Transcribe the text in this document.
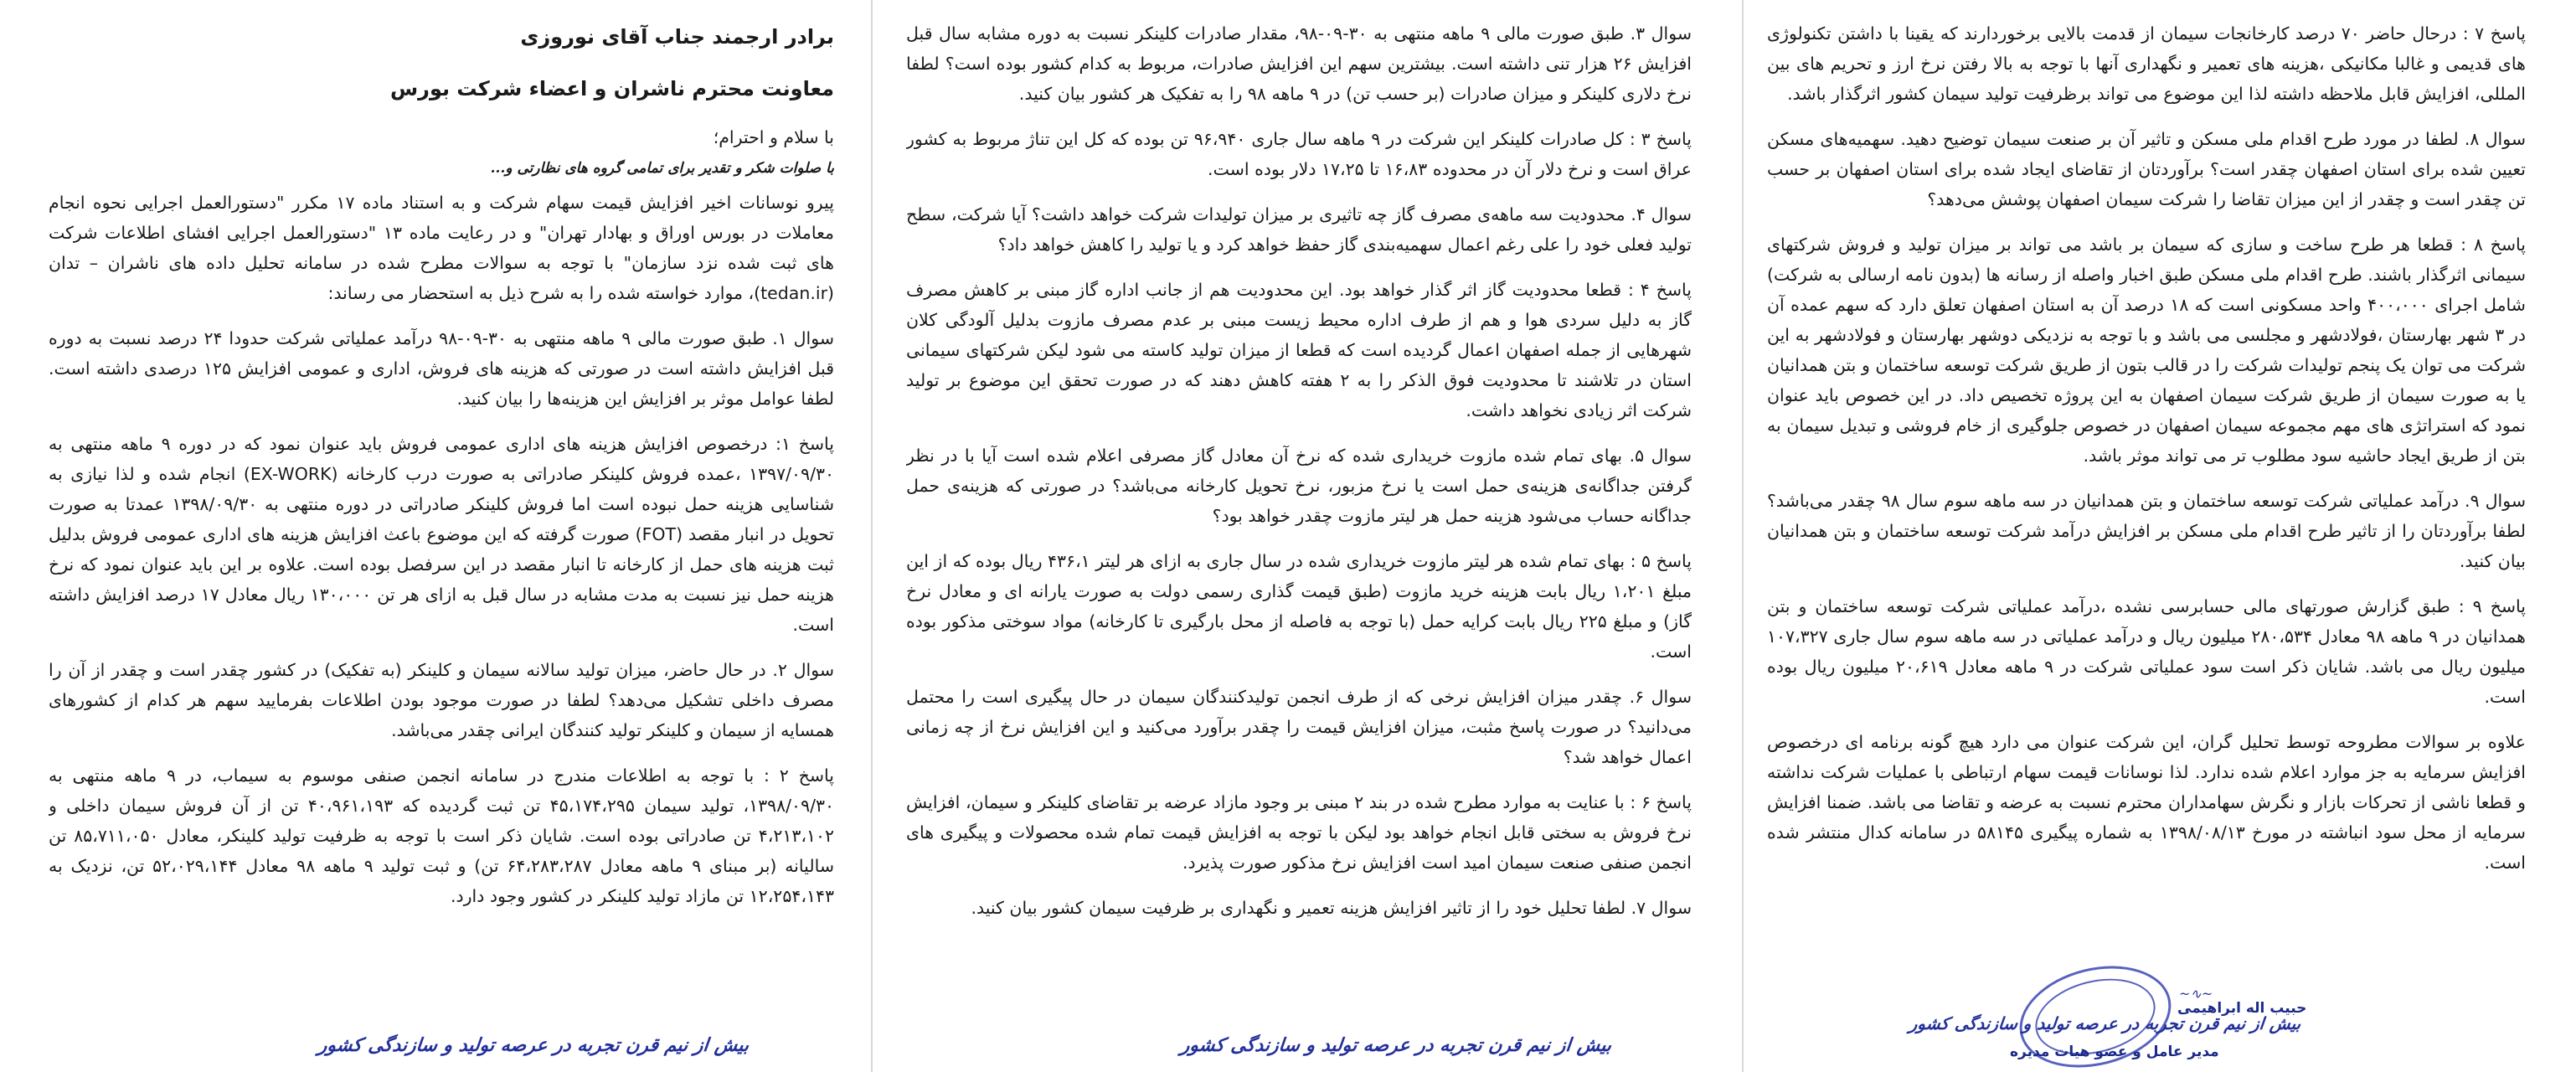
برادر ارجمند جناب آقای نوروزی

معاونت محترم ناشران و اعضاء شرکت بورس

با سلام و احترام؛

با صلوات شکر و تقدیر برای تمامی گروه های نظارتی و...

پیرو نوسانات اخیر افزایش قیمت سهام شرکت و به استناد ماده ۱۷ مکرر "دستورالعمل اجرایی نحوه انجام معاملات در بورس اوراق و بهادار تهران" و در رعایت ماده ۱۳ "دستورالعمل اجرایی افشای اطلاعات شرکت های ثبت شده نزد سازمان" با توجه به سوالات مطرح شده در سامانه تحلیل داده های ناشران – تدان (tedan.ir)، موارد خواسته شده را به شرح ذیل به استحضار می رساند:

سوال ۱. طبق صورت مالی ۹ ماهه منتهی به ۳۰-۰۹-۹۸ درآمد عملیاتی شرکت حدودا ۲۴ درصد نسبت به دوره قبل افزایش داشته است در صورتی که هزینه های فروش، اداری و عمومی افزایش ۱۲۵ درصدی داشته است. لطفا عوامل موثر بر افزایش این هزینه‌ها را بیان کنید.

پاسخ ۱: درخصوص افزایش هزینه های اداری عمومی فروش باید عنوان نمود که در دوره ۹ ماهه منتهی به ۱۳۹۷/۰۹/۳۰ ،عمده فروش کلینکر صادراتی به صورت درب کارخانه (EX-WORK) انجام شده و لذا نیازی به شناسایی هزینه حمل نبوده است اما فروش کلینکر صادراتی در دوره منتهی به ۱۳۹۸/۰۹/۳۰ عمدتا به صورت تحویل در انبار مقصد (FOT) صورت گرفته که این موضوع باعث افزایش هزینه های اداری عمومی فروش بدلیل ثبت هزینه های حمل از کارخانه تا انبار مقصد در این سرفصل بوده است. علاوه بر این باید عنوان نمود که نرخ هزینه حمل نیز نسبت به مدت مشابه در سال قبل به ازای هر تن ۱۳۰،۰۰۰ ریال معادل ۱۷ درصد افزایش داشته است.

سوال ۲. در حال حاضر، میزان تولید سالانه سیمان و کلینکر (به تفکیک) در کشور چقدر است و چقدر از آن را مصرف داخلی تشکیل می‌دهد؟ لطفا در صورت موجود بودن اطلاعات بفرمایید سهم هر کدام از کشورهای همسایه از سیمان و کلینکر تولید کنندگان ایرانی چقدر می‌باشد.

پاسخ ۲ : با توجه به اطلاعات مندرج در سامانه انجمن صنفی موسوم به سیماب، در ۹ ماهه منتهی به ۱۳۹۸/۰۹/۳۰، تولید سیمان ۴۵،۱۷۴،۲۹۵ تن ثبت گردیده که ۴۰،۹۶۱،۱۹۳ تن از آن فروش سیمان داخلی و ۴،۲۱۳،۱۰۲ تن صادراتی بوده است. شایان ذکر است با توجه به ظرفیت تولید کلینکر، معادل ۸۵،۷۱۱،۰۵۰ تن سالیانه (بر مبنای ۹ ماهه معادل ۶۴،۲۸۳،۲۸۷ تن) و ثبت تولید ۹ ماهه ۹۸ معادل ۵۲،۰۲۹،۱۴۴ تن، نزدیک به ۱۲،۲۵۴،۱۴۳ تن مازاد تولید کلینکر در کشور وجود دارد.

بیش از نیم قرن تجربه در عرصه تولید و سازندگی کشور

سوال ۳. طبق صورت مالی ۹ ماهه منتهی به ۳۰-۰۹-۹۸، مقدار صادرات کلینکر نسبت به دوره مشابه سال قبل افزایش ۲۶ هزار تنی داشته است. بیشترین سهم این افزایش صادرات، مربوط به کدام کشور بوده است؟ لطفا نرخ دلاری کلینکر و میزان صادرات (بر حسب تن) در ۹ ماهه ۹۸ را به تفکیک هر کشور بیان کنید.

پاسخ ۳ : کل صادرات کلینکر این شرکت در ۹ ماهه سال جاری ۹۶،۹۴۰ تن بوده که کل این تناژ مربوط به کشور عراق است و نرخ دلار آن در محدوده ۱۶،۸۳ تا ۱۷،۲۵ دلار بوده است.

سوال ۴. محدودیت سه ماهه‌ی مصرف گاز چه تاثیری بر میزان تولیدات شرکت خواهد داشت؟ آیا شرکت، سطح تولید فعلی خود را علی رغم اعمال سهمیه‌بندی گاز حفظ خواهد کرد و یا تولید را کاهش خواهد داد؟

پاسخ ۴ : قطعا محدودیت گاز اثر گذار خواهد بود. این محدودیت هم از جانب اداره گاز مبنی بر کاهش مصرف گاز به دلیل سردی هوا و هم از طرف اداره محیط زیست مبنی بر عدم مصرف مازوت بدلیل آلودگی کلان شهرهایی از جمله اصفهان اعمال گردیده است که قطعا از میزان تولید کاسته می شود لیکن شرکتهای سیمانی استان در تلاشند تا محدودیت فوق الذکر را به ۲ هفته کاهش دهند که در صورت تحقق این موضوع بر تولید شرکت اثر زیادی نخواهد داشت.

سوال ۵. بهای تمام شده مازوت خریداری شده که نرخ آن معادل گاز مصرفی اعلام شده است آیا با در نظر گرفتن جداگانه‌ی هزینه‌ی حمل است یا نرخ مزبور، نرخ تحویل کارخانه می‌باشد؟ در صورتی که هزینه‌ی حمل جداگانه حساب می‌شود هزینه حمل هر لیتر مازوت چقدر خواهد بود؟

پاسخ ۵ : بهای تمام شده هر لیتر مازوت خریداری شده در سال جاری به ازای هر لیتر ۴۳۶،۱ ریال بوده که از این مبلغ ۱،۲۰۱ ریال بابت هزینه خرید مازوت (طبق قیمت گذاری رسمی دولت به صورت یارانه ای و معادل نرخ گاز) و مبلغ ۲۲۵ ریال بابت کرایه حمل (با توجه به فاصله از محل بارگیری تا کارخانه) مواد سوختی مذکور بوده است.

سوال ۶. چقدر میزان افزایش نرخی که از طرف انجمن تولیدکنندگان سیمان در حال پیگیری است را محتمل می‌دانید؟ در صورت پاسخ مثبت، میزان افزایش قیمت را چقدر برآورد می‌کنید و این افزایش نرخ از چه زمانی اعمال خواهد شد؟

پاسخ ۶ : با عنایت به موارد مطرح شده در بند ۲ مبنی بر وجود مازاد عرضه بر تقاضای کلینکر و سیمان، افزایش نرخ فروش به سختی قابل انجام خواهد بود لیکن با توجه به افزایش قیمت تمام شده محصولات و پیگیری های انجمن صنفی صنعت سیمان امید است افزایش نرخ مذکور صورت پذیرد.

سوال ۷. لطفا تحلیل خود را از تاثیر افزایش هزینه تعمیر و نگهداری بر ظرفیت سیمان کشور بیان کنید.

بیش از نیم قرن تجربه در عرصه تولید و سازندگی کشور

پاسخ ۷ : درحال حاضر ۷۰ درصد کارخانجات سیمان از قدمت بالایی برخوردارند که یقینا با داشتن تکنولوژی های قدیمی و غالبا مکانیکی ،هزینه های تعمیر و نگهداری آنها با توجه به بالا رفتن نرخ ارز و تحریم های بین المللی، افزایش قابل ملاحظه داشته لذا این موضوع می تواند برظرفیت تولید سیمان کشور اثرگذار باشد.

سوال ۸. لطفا در مورد طرح اقدام ملی مسکن و تاثیر آن بر صنعت سیمان توضیح دهید. سهمیه‌های مسکن تعیین شده برای استان اصفهان چقدر است؟ برآوردتان از تقاضای ایجاد شده برای استان اصفهان بر حسب تن چقدر است و چقدر از این میزان تقاضا را شرکت سیمان اصفهان پوشش می‌دهد؟

پاسخ ۸ : قطعا هر طرح ساخت و سازی که سیمان بر باشد می تواند بر میزان تولید و فروش شرکتهای سیمانی اثرگذار باشند. طرح اقدام ملی مسکن طبق اخبار واصله از رسانه ها (بدون نامه ارسالی به شرکت) شامل اجرای ۴۰۰،۰۰۰ واحد مسکونی است که ۱۸ درصد آن به استان اصفهان تعلق دارد که سهم عمده آن در ۳ شهر بهارستان ،فولادشهر و مجلسی می باشد و با توجه به نزدیکی دوشهر بهارستان و فولادشهر به این شرکت می توان یک پنجم تولیدات شرکت را در قالب بتون از طریق شرکت توسعه ساختمان و بتن همدانیان یا به صورت سیمان از طریق شرکت سیمان اصفهان به این پروژه تخصیص داد. در این خصوص باید عنوان نمود که استراتژی های مهم مجموعه سیمان اصفهان در خصوص جلوگیری از خام فروشی و تبدیل سیمان به بتن از طریق ایجاد حاشیه سود مطلوب تر می تواند موثر باشد.

سوال ۹. درآمد عملیاتی شرکت توسعه ساختمان و بتن همدانیان در سه ماهه سوم سال ۹۸ چقدر می‌باشد؟ لطفا برآوردتان را از تاثیر طرح اقدام ملی مسکن بر افزایش درآمد شرکت توسعه ساختمان و بتن همدانیان بیان کنید.

پاسخ ۹ : طبق گزارش صورتهای مالی حسابرسی نشده ،درآمد عملیاتی شرکت توسعه ساختمان و بتن همدانیان در ۹ ماهه ۹۸ معادل ۲۸۰،۵۳۴ میلیون ریال و درآمد عملیاتی در سه ماهه سوم سال جاری ۱۰۷،۳۲۷ میلیون ریال می باشد. شایان ذکر است سود عملیاتی شرکت در ۹ ماهه معادل ۲۰،۶۱۹ میلیون ریال بوده است.

علاوه بر سوالات مطروحه توسط تحلیل گران، این شرکت عنوان می دارد هیچ گونه برنامه ای درخصوص افزایش سرمایه به جز موارد اعلام شده ندارد. لذا نوسانات قیمت سهام ارتباطی با عملیات شرکت نداشته و قطعا ناشی از تحرکات بازار و نگرش سهامداران محترم نسبت به عرضه و تقاضا می باشد. ضمنا افزایش سرمایه از محل سود انباشته در مورخ ۱۳۹۸/۰۸/۱۳ به شماره پیگیری ۵۸۱۴۵ در سامانه کدال منتشر شده است.

~∿~
حبیب اله ابراهیمی
بیش از نیم قرن تجربه در عرصه تولید و سازندگی کشور
مدیر عامل و عضو هیات مدیره
